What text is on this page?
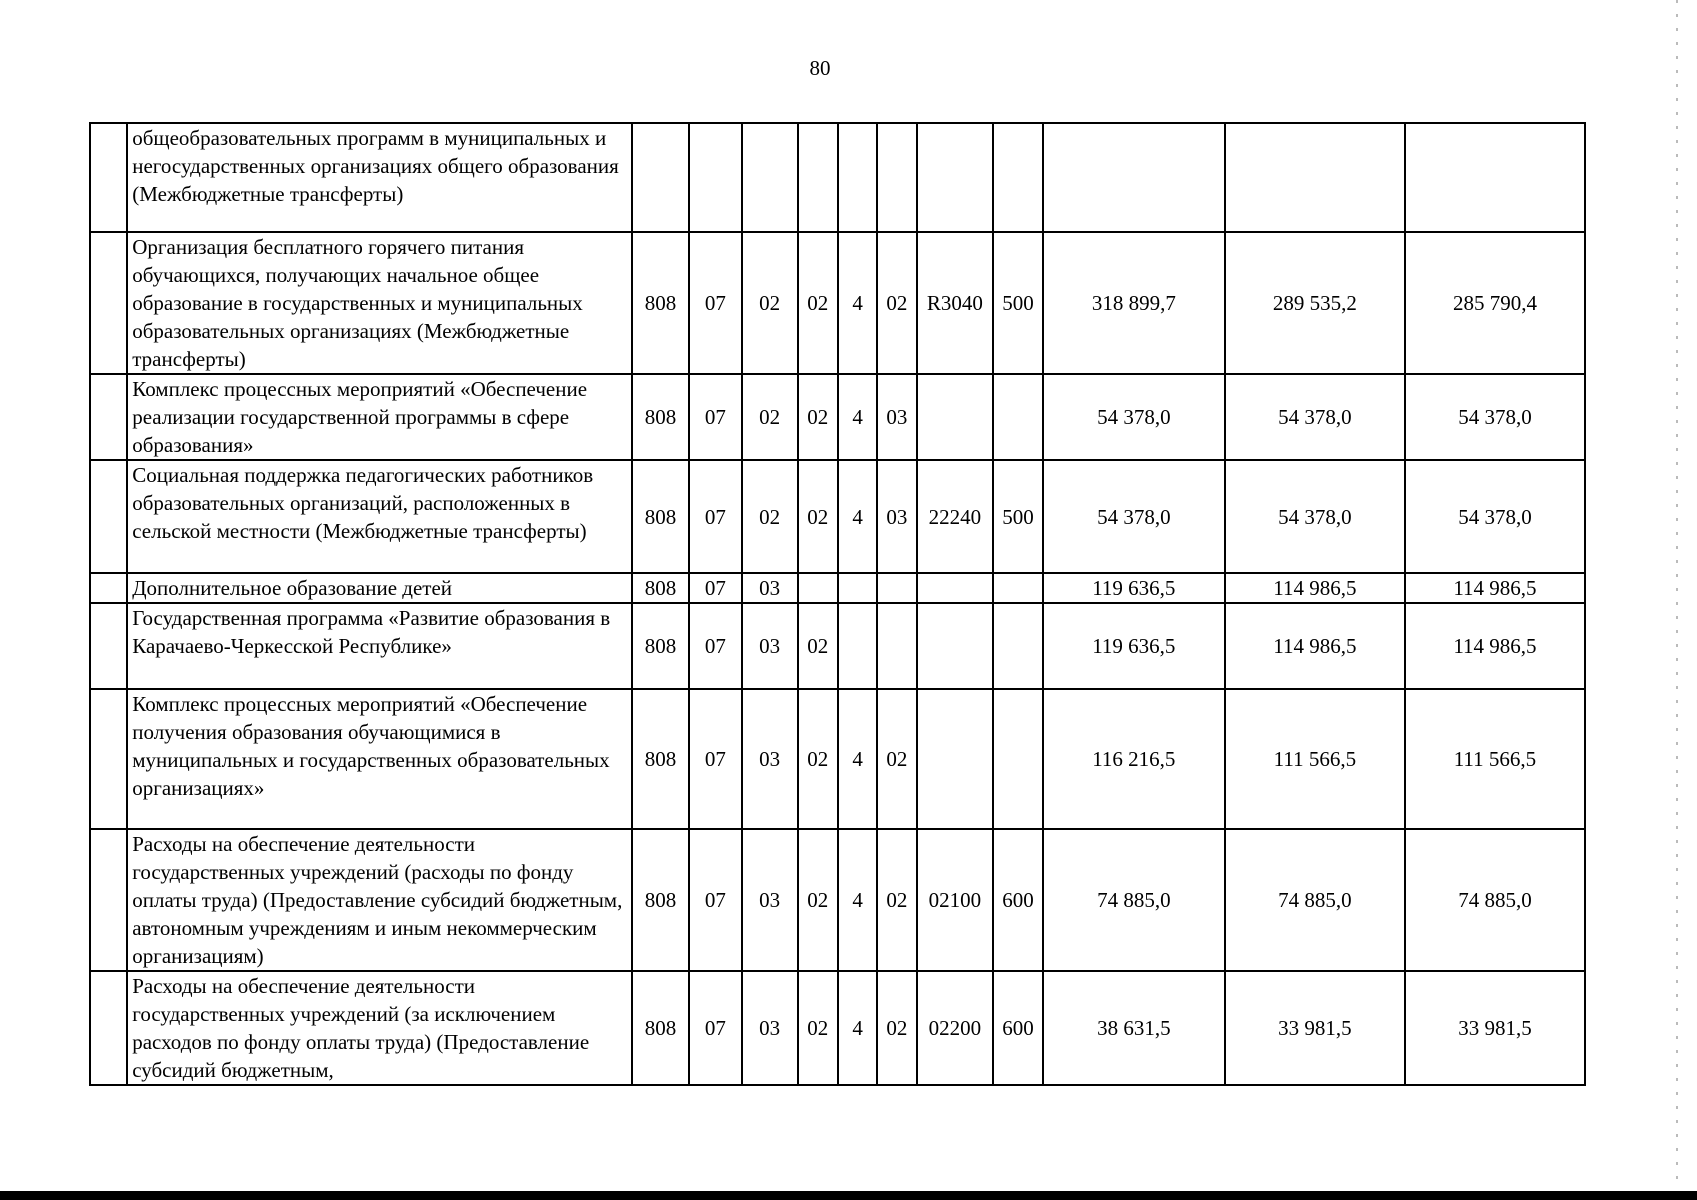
80
	общеобразовательных программ в муниципальных и негосударственных организациях общего образования (Межбюджетные трансферты)											
	Организация бесплатного горячего питания обучающихся, получающих начальное общее образование в государственных и муниципальных образовательных организациях (Межбюджетные трансферты)	808	07	02	02	4	02	R3040	500	318 899,7	289 535,2	285 790,4
	Комплекс процессных мероприятий «Обеспечение реализации государственной программы в сфере образования»	808	07	02	02	4	03			54 378,0	54 378,0	54 378,0
	Социальная поддержка педагогических работников образовательных организаций, расположенных в сельской местности (Межбюджетные трансферты)	808	07	02	02	4	03	22240	500	54 378,0	54 378,0	54 378,0
	Дополнительное образование детей	808	07	03						119 636,5	114 986,5	114 986,5
	Государственная программа «Развитие образования в Карачаево-Черкесской Республике»	808	07	03	02					119 636,5	114 986,5	114 986,5
	Комплекс процессных мероприятий «Обеспечение получения образования обучающимися в муниципальных и государственных образовательных организациях»	808	07	03	02	4	02			116 216,5	111 566,5	111 566,5
	Расходы на обеспечение деятельности государственных учреждений (расходы по фонду оплаты труда) (Предоставление субсидий бюджетным, автономным учреждениям и иным некоммерческим организациям)	808	07	03	02	4	02	02100	600	74 885,0	74 885,0	74 885,0
	Расходы на обеспечение деятельности государственных учреждений (за исключением расходов по фонду оплаты труда) (Предоставление субсидий бюджетным,	808	07	03	02	4	02	02200	600	38 631,5	33 981,5	33 981,5
